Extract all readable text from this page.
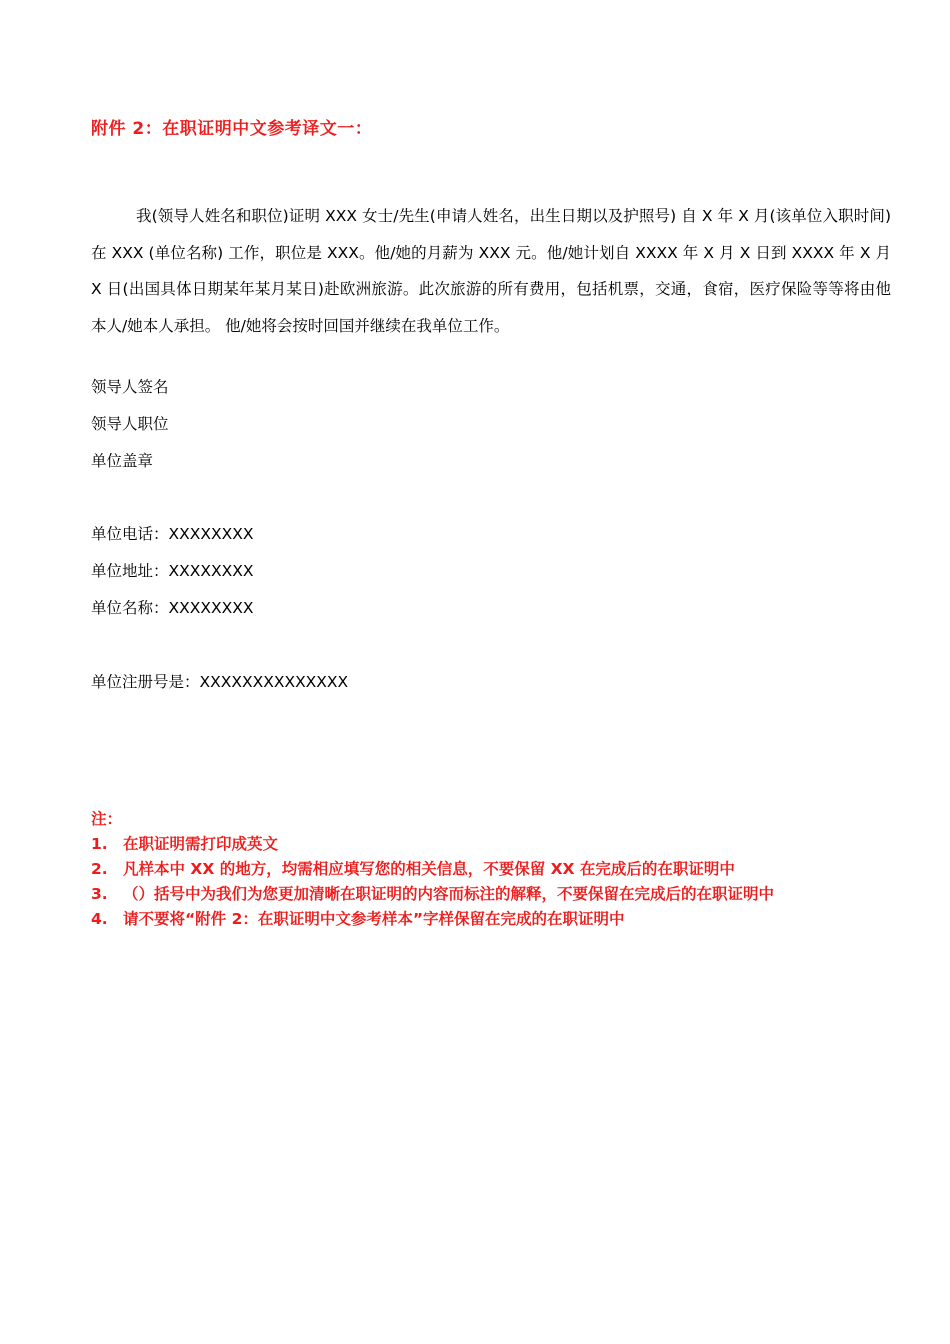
附件 2：在职证明中文参考译文一：

我(领导人姓名和职位)证明 XXX 女士/先生(申请人姓名，出生日期以及护照号) 自 X 年 X 月(该单位入职时间) 在 XXX (单位名称) 工作，职位是 XXX。他/她的月薪为 XXX 元。他/她计划自 XXXX 年 X 月 X 日到 XXXX 年 X 月 X 日(出国具体日期某年某月某日)赴欧洲旅游。此次旅游的所有费用，包括机票，交通，食宿，医疗保险等等将由他本人/她本人承担。 他/她将会按时回国并继续在我单位工作。

领导人签名
领导人职位
单位盖章
单位电话：XXXXXXXX
单位地址：XXXXXXXX
单位名称：XXXXXXXX
单位注册号是：XXXXXXXXXXXXXX
注：
1. 在职证明需打印成英文
2. 凡样本中 XX 的地方，均需相应填写您的相关信息，不要保留 XX 在完成后的在职证明中
3. （）括号中为我们为您更加清晰在职证明的内容而标注的解释，不要保留在完成后的在职证明中
4. 请不要将“附件 2：在职证明中文参考样本”字样保留在完成的在职证明中
